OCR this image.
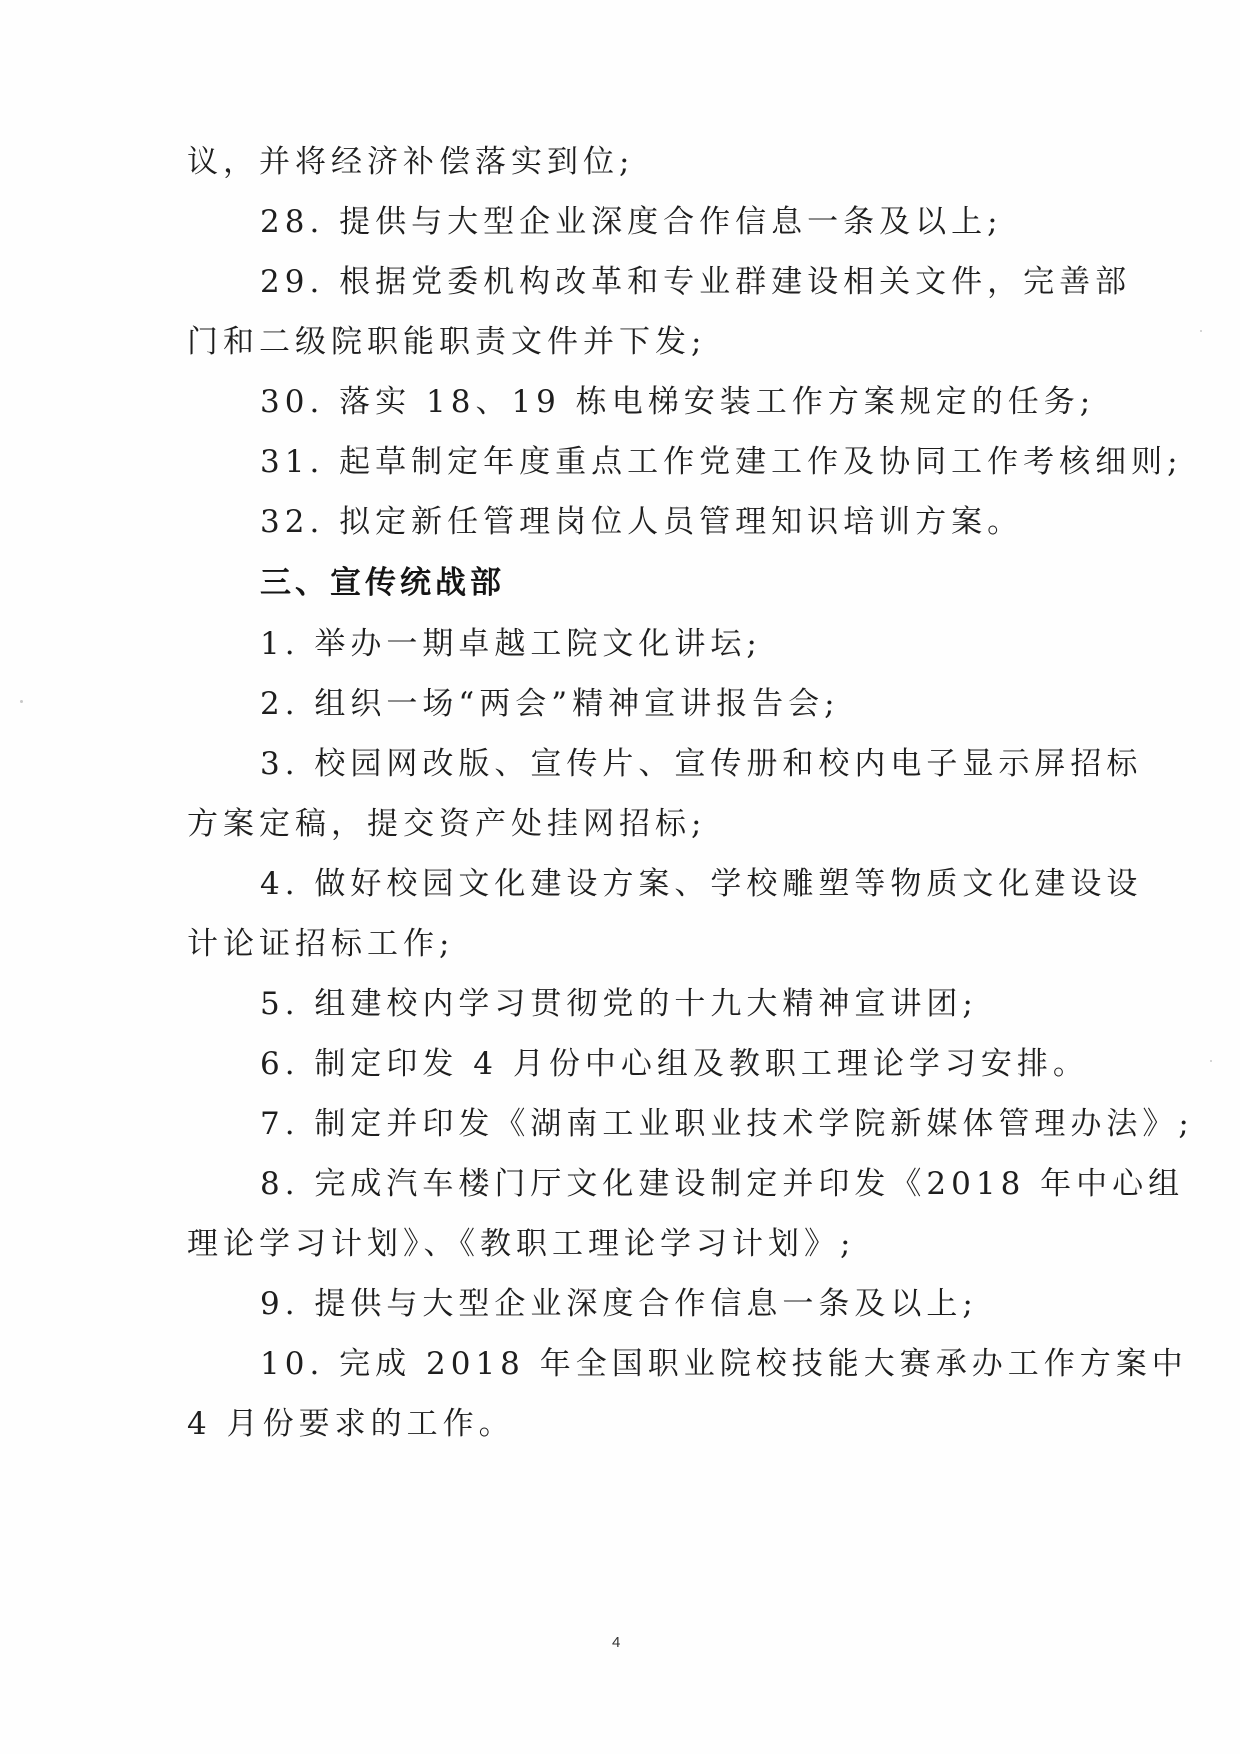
议，并将经济补偿落实到位;
28. 提供与大型企业深度合作信息一条及以上;
29. 根据党委机构改革和专业群建设相关文件，完善部
门和二级院职能职责文件并下发;
30. 落实 18、19 栋电梯安装工作方案规定的任务;
31. 起草制定年度重点工作党建工作及协同工作考核细则;
32. 拟定新任管理岗位人员管理知识培训方案。
三、宣传统战部
1. 举办一期卓越工院文化讲坛;
2. 组织一场“两会”精神宣讲报告会;
3. 校园网改版、宣传片、宣传册和校内电子显示屏招标
方案定稿，提交资产处挂网招标;
4. 做好校园文化建设方案、学校雕塑等物质文化建设设
计论证招标工作;
5. 组建校内学习贯彻党的十九大精神宣讲团;
6. 制定印发 4 月份中心组及教职工理论学习安排。
7. 制定并印发《湖南工业职业技术学院新媒体管理办法》;
8. 完成汽车楼门厅文化建设制定并印发《2018 年中心组
理论学习计划》、《教职工理论学习计划》;
9. 提供与大型企业深度合作信息一条及以上;
10. 完成 2018 年全国职业院校技能大赛承办工作方案中
4 月份要求的工作。
4
